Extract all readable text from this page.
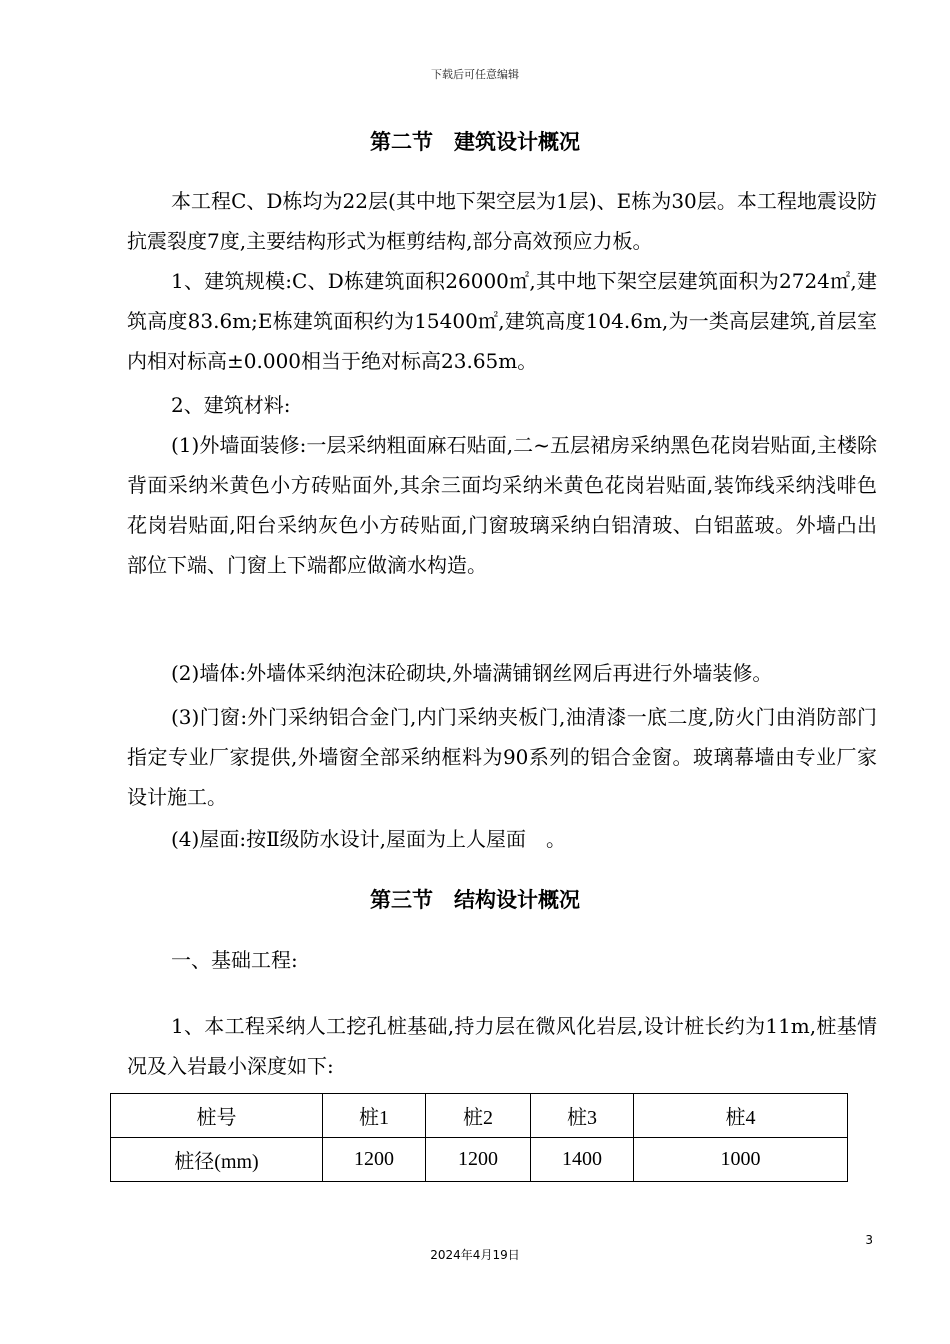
下载后可任意编辑
第二节　建筑设计概况
本工程C、D栋均为22层(其中地下架空层为1层)、E栋为30层。本工程地震设防抗震裂度7度,主要结构形式为框剪结构,部分高效预应力板。
1、建筑规模:C、D栋建筑面积26000㎡,其中地下架空层建筑面积为2724㎡,建筑高度83.6m;E栋建筑面积约为15400㎡,建筑高度104.6m,为一类高层建筑,首层室内相对标高±0.000相当于绝对标高23.65m。
2、建筑材料:
(1)外墙面装修:一层采纳粗面麻石贴面,二~五层裙房采纳黑色花岗岩贴面,主楼除背面采纳米黄色小方砖贴面外,其余三面均采纳米黄色花岗岩贴面,装饰线采纳浅啡色花岗岩贴面,阳台采纳灰色小方砖贴面,门窗玻璃采纳白铝清玻、白铝蓝玻。外墙凸出部位下端、门窗上下端都应做滴水构造。
(2)墙体:外墙体采纳泡沫砼砌块,外墙满铺钢丝网后再进行外墙装修。
(3)门窗:外门采纳铝合金门,内门采纳夹板门,油清漆一底二度,防火门由消防部门指定专业厂家提供,外墙窗全部采纳框料为90系列的铝合金窗。玻璃幕墙由专业厂家设计施工。
(4)屋面:按Ⅱ级防水设计,屋面为上人屋面　。
第三节　结构设计概况
一、基础工程:
1、本工程采纳人工挖孔桩基础,持力层在微风化岩层,设计桩长约为11m,桩基情况及入岩最小深度如下:
桩号	桩1	桩2	桩3	桩4
桩径(mm)	1200	1200	1400	1000
3
2024年4月19日
